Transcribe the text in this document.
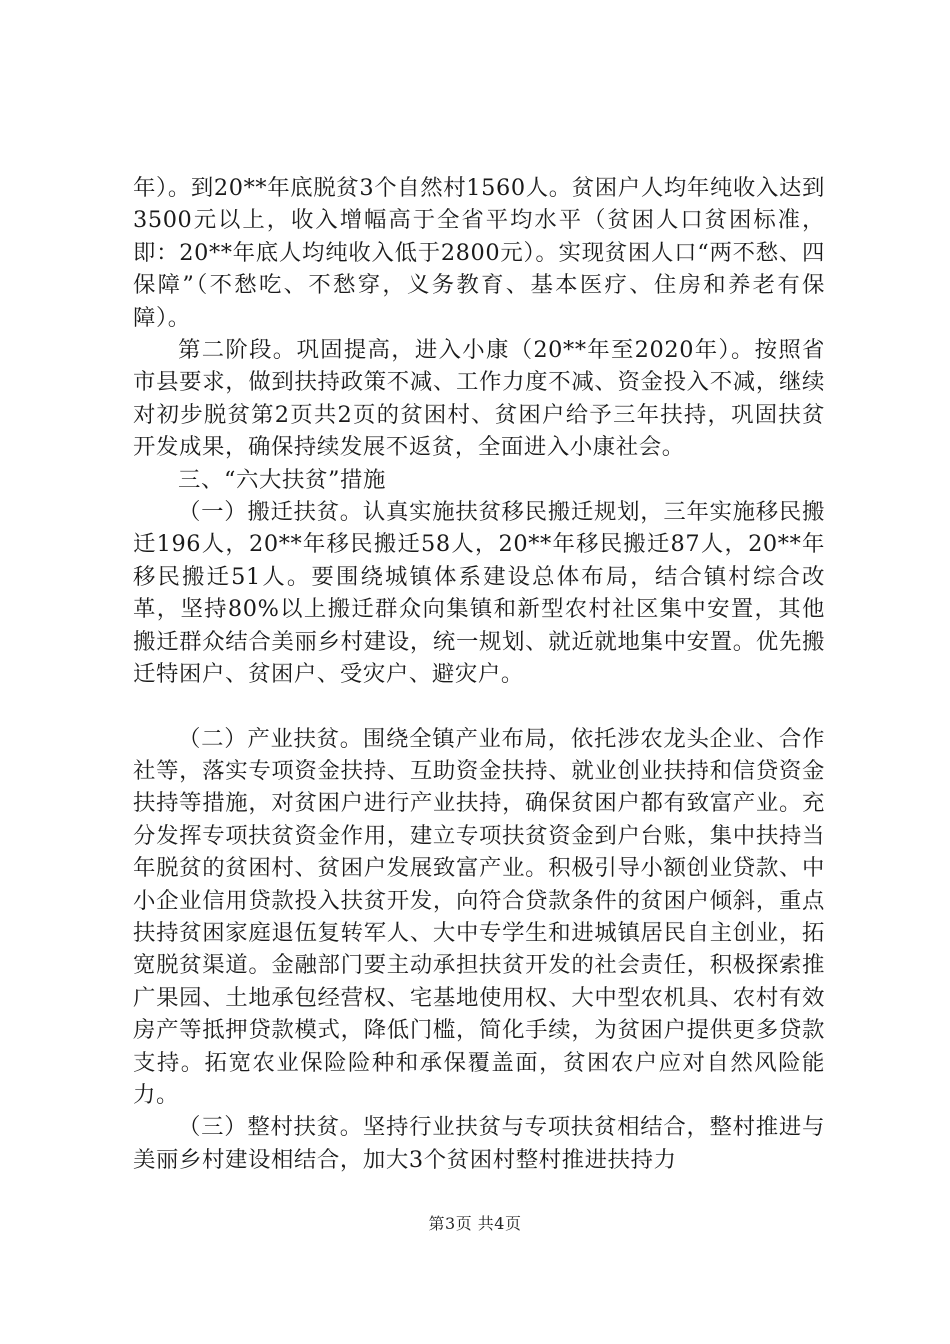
年）。到20**年底脱贫3个自然村1560人。贫困户人均年纯收入达到3500元以上，收入增幅高于全省平均水平（贫困人口贫困标准，即：20**年底人均纯收入低于2800元）。实现贫困人口“两不愁、四保障”（不愁吃、不愁穿，义务教育、基本医疗、住房和养老有保障）。

第二阶段。巩固提高，进入小康（20**年至2020年）。按照省市县要求，做到扶持政策不减、工作力度不减、资金投入不减，继续对初步脱贫第2页共2页的贫困村、贫困户给予三年扶持，巩固扶贫开发成果，确保持续发展不返贫，全面进入小康社会。

三、“六大扶贫”措施

（一）搬迁扶贫。认真实施扶贫移民搬迁规划，三年实施移民搬迁196人，20**年移民搬迁58人，20**年移民搬迁87人，20**年移民搬迁51人。要围绕城镇体系建设总体布局，结合镇村综合改革，坚持80%以上搬迁群众向集镇和新型农村社区集中安置，其他搬迁群众结合美丽乡村建设，统一规划、就近就地集中安置。优先搬迁特困户、贫困户、受灾户、避灾户。

（二）产业扶贫。围绕全镇产业布局，依托涉农龙头企业、合作社等，落实专项资金扶持、互助资金扶持、就业创业扶持和信贷资金扶持等措施，对贫困户进行产业扶持，确保贫困户都有致富产业。充分发挥专项扶贫资金作用，建立专项扶贫资金到户台账，集中扶持当年脱贫的贫困村、贫困户发展致富产业。积极引导小额创业贷款、中小企业信用贷款投入扶贫开发，向符合贷款条件的贫困户倾斜，重点扶持贫困家庭退伍复转军人、大中专学生和进城镇居民自主创业，拓宽脱贫渠道。金融部门要主动承担扶贫开发的社会责任，积极探索推广果园、土地承包经营权、宅基地使用权、大中型农机具、农村有效房产等抵押贷款模式，降低门槛，简化手续，为贫困户提供更多贷款支持。拓宽农业保险险种和承保覆盖面，贫困农户应对自然风险能力。

（三）整村扶贫。坚持行业扶贫与专项扶贫相结合，整村推进与美丽乡村建设相结合，加大3个贫困村整村推进扶持力

第3页 共4页
